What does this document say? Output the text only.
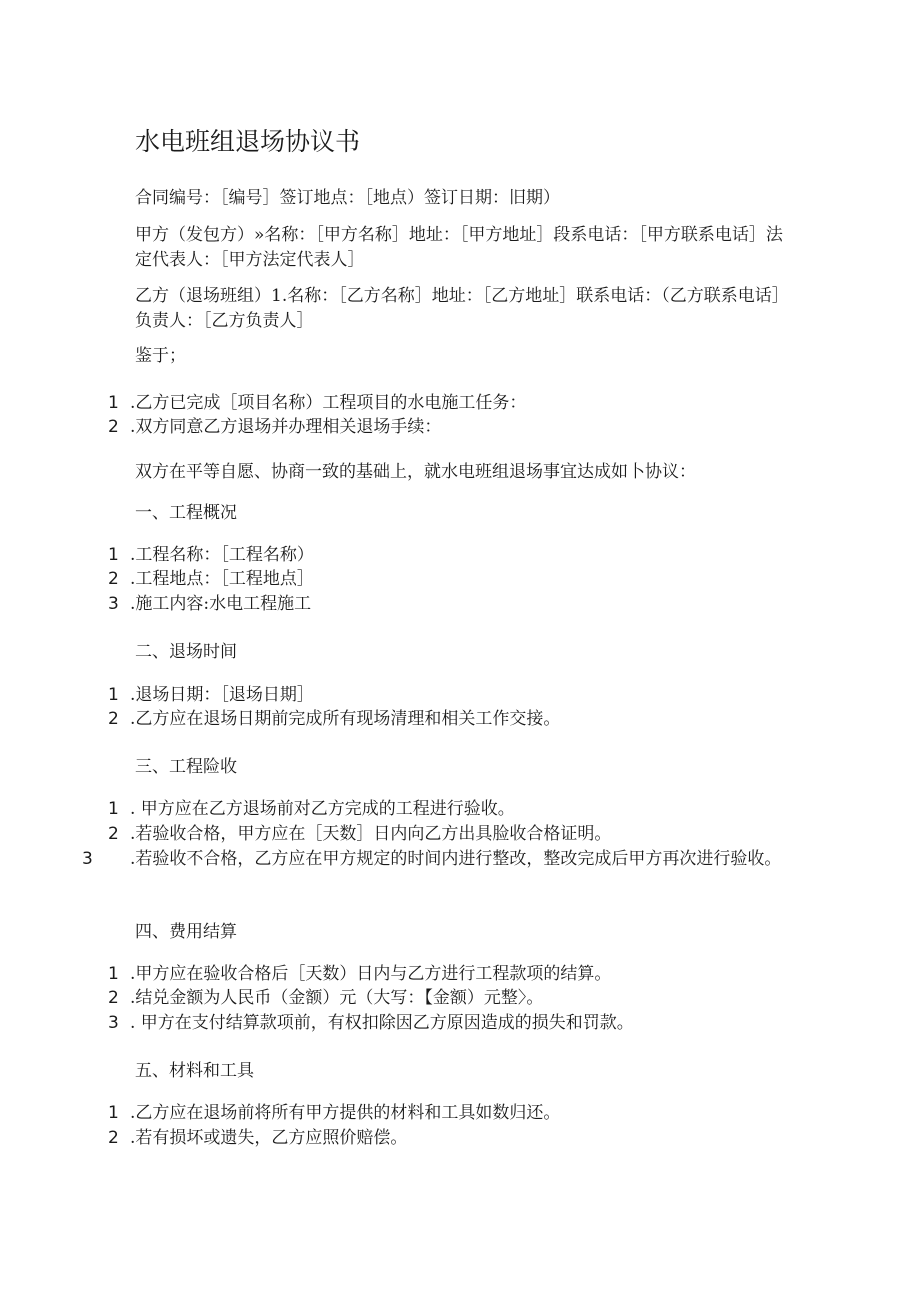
水电班组退场协议书
合同编号：［编号］签订地点：［地点）签订日期：旧期）
甲方（发包方）»名称：［甲方名称］地址：［甲方地址］段系电话：［甲方联系电话］法定代表人：［甲方法定代表人］
乙方（退场班组）1.名称：［乙方名称］地址：［乙方地址］联系电话：（乙方联系电话］负责人：［乙方负责人］
鉴于；
1 .乙方已完成［项目名称）工程项目的水电施工任务：
2 .双方同意乙方退场并办理相关退场手续：
双方在平等自愿、协商一致的基础上，就水电班组退场事宜达成如卜协议：
一、工程概况
1 .工程名称：［工程名称）
2 .工程地点：［工程地点］
3 .施工内容:水电工程施工
二、退场时间
1 .退场日期：［退场日期］
2 .乙方应在退场日期前完成所有现场清理和相关工作交接。
三、工程险收
1 . 甲方应在乙方退场前对乙方完成的工程进行验收。
2 .若验收合格，甲方应在［天数］日内向乙方出具脸收合格证明。
3 .若验收不合格，乙方应在甲方规定的时间内进行整改，整改完成后甲方再次进行验收。
四、费用结算
1 .甲方应在验收合格后［天数）日内与乙方进行工程款项的结算。
2 .结兑金额为人民币（金额）元（大写：【金额）元整〉。
3 . 甲方在支付结算款项前，有权扣除因乙方原因造成的损失和罚款。
五、材料和工具
1 .乙方应在退场前将所有甲方提供的材料和工具如数归还。
2 .若有损坏或遗失，乙方应照价赔偿。
